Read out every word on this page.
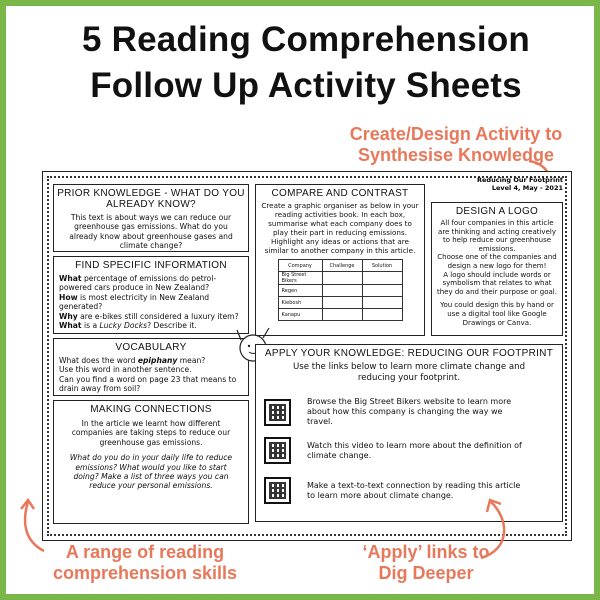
5 Reading Comprehension
Follow Up Activity Sheets
Create/Design Activity to
Synthesise Knowledge
PRIOR KNOWLEDGE - WHAT DO YOU ALREADY KNOW?

This text is about ways we can reduce our greenhouse gas emissions. What do you already know about greenhouse gases and climate change?

FIND SPECIFIC INFORMATION

What percentage of emissions do petrol-powered cars produce in New Zealand?

How is most electricity in New Zealand generated?

Why are e-bikes still considered a luxury item?

What is a Lucky Docks? Describe it.

VOCABULARY

What does the word epiphany mean?

Use this word in another sentence.

Can you find a word on page 23 that means to drain away from soil?

MAKING CONNECTIONS

In the article we learnt how different companies are taking steps to reduce our greenhouse gas emissions.

What do you do in your daily life to reduce emissions? What would you like to start doing? Make a list of three ways you can reduce your personal emissions.

COMPARE AND CONTRAST

Create a graphic organiser as below in your reading activities book. In each box, summarise what each company does to play their part in reducing emissions. Highlight any ideas or actions that are similar to another company in this article.

Company	Challenge	Solution
Big Street Bikers		
Regen		
Kiebosh		
Kanapu		
Reducing Our Footprint
Level 4, May - 2021
DESIGN A LOGO

All four companies in this article are thinking and acting creatively to help reduce our greenhouse emissions.

Choose one of the companies and design a new logo for them!

A logo should include words or symbolism that relates to what they do and their purpose or goal.

You could design this by hand or use a digital tool like Google Drawings or Canva.

APPLY YOUR KNOWLEDGE: REDUCING OUR FOOTPRINT

Use the links below to learn more climate change and reducing your footprint.

Browse the Big Street Bikers website to learn more about how this company is changing the way we travel.

Watch this video to learn more about the definition of climate change.

Make a text-to-text connection by reading this article to learn more about climate change.

A range of reading
comprehension skills
‘Apply’ links to
Dig Deeper
